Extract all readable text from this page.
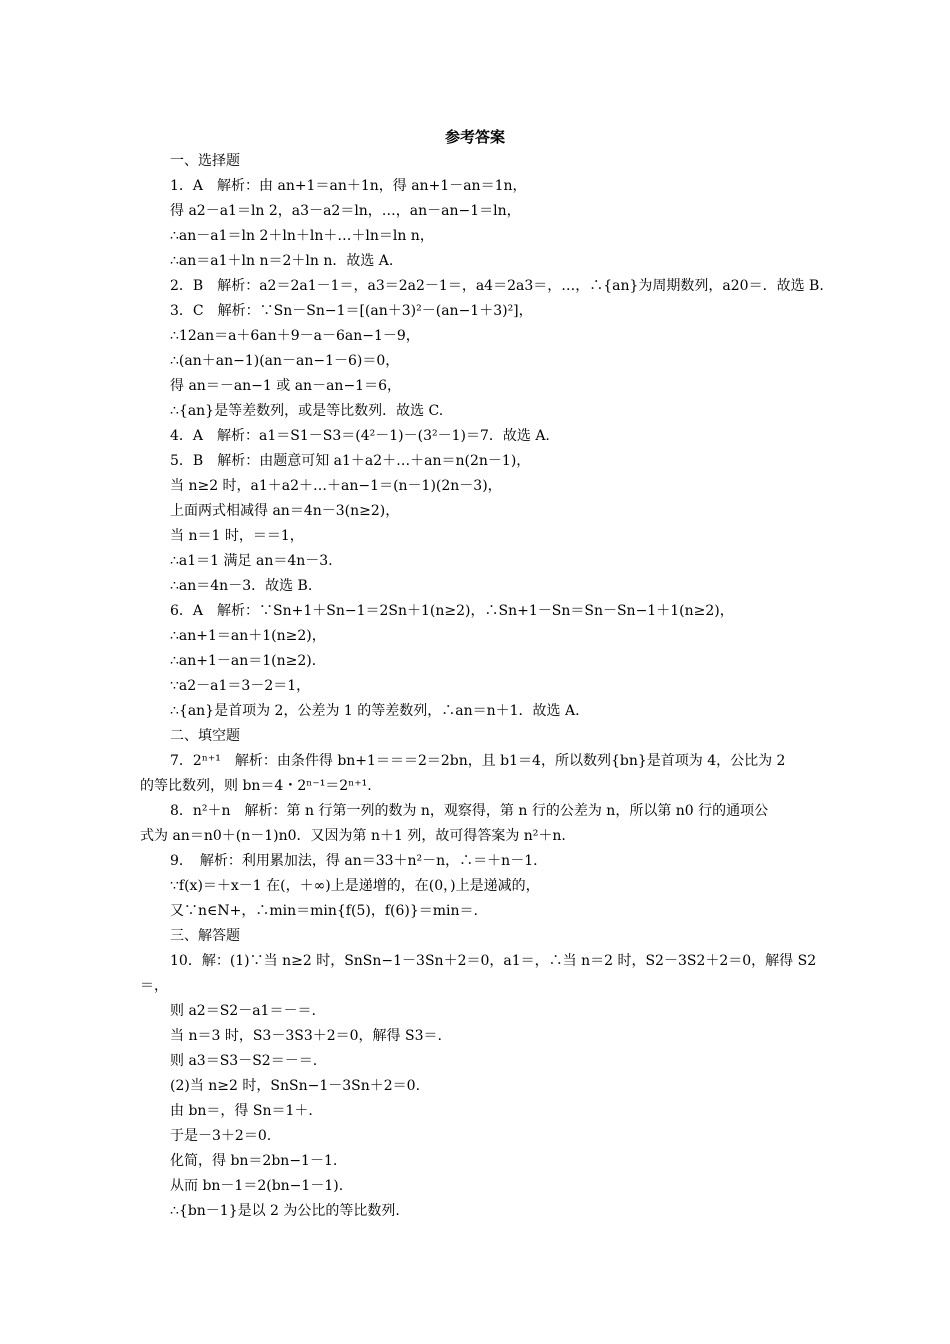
参考答案
一、选择题
1．A　解析：由 an+1＝an＋1n，得 an+1－an＝1n，
得 a2－a1＝ln 2，a3－a2＝ln，…，an－an−1＝ln，
∴an－a1＝ln 2＋ln＋ln＋…＋ln＝ln n，
∴an＝a1＋ln n＝2＋ln n．故选 A.
2．B　解析：a2＝2a1－1＝，a3＝2a2－1＝，a4＝2a3＝，…，∴{an}为周期数列，a20＝．故选 B.
3．C　解析：∵Sn－Sn−1＝[(an＋3)²－(an−1＋3)²]，
∴12an＝a＋6an＋9－a－6an−1－9，
∴(an＋an−1)(an－an−1－6)＝0，
得 an＝－an−1 或 an－an−1＝6，
∴{an}是等差数列，或是等比数列．故选 C.
4．A　解析：a1＝S1－S3＝(4²－1)－(3²－1)＝7．故选 A.
5．B　解析：由题意可知 a1＋a2＋…＋an＝n(2n－1)，
当 n≥2 时，a1＋a2＋…＋an−1＝(n－1)(2n－3)，
上面两式相减得 an＝4n－3(n≥2)，
当 n＝1 时，＝＝1，
∴a1＝1 满足 an＝4n－3.
∴an＝4n－3．故选 B.
6．A　解析：∵Sn+1＋Sn−1＝2Sn＋1(n≥2)，∴Sn+1－Sn＝Sn－Sn−1＋1(n≥2)，
∴an+1＝an＋1(n≥2)，
∴an+1－an＝1(n≥2)．
∵a2－a1＝3－2＝1，
∴{an}是首项为 2，公差为 1 的等差数列，∴an＝n＋1．故选 A.
二、填空题
7．2ⁿ⁺¹　解析：由条件得 bn+1＝＝＝2＝2bn，且 b1＝4，所以数列{bn}是首项为 4，公比为 2
的等比数列，则 bn＝4・2ⁿ⁻¹＝2ⁿ⁺¹.
8．n²＋n　解析：第 n 行第一列的数为 n，观察得，第 n 行的公差为 n，所以第 n0 行的通项公
式为 an＝n0＋(n－1)n0．又因为第 n＋1 列，故可得答案为 n²＋n.
9．　解析：利用累加法，得 an＝33＋n²－n，∴＝＋n－1.
∵f(x)＝＋x－1 在(，＋∞)上是递增的，在(0，)上是递减的，
又∵n∈N+，∴min＝min{f(5)，f(6)}＝min＝.
三、解答题
10．解：(1)∵当 n≥2 时，SnSn−1－3Sn＋2＝0，a1＝，∴当 n＝2 时，S2－3S2＋2＝0，解得 S2
＝，
则 a2＝S2－a1＝－＝.
当 n＝3 时，S3－3S3＋2＝0，解得 S3＝.
则 a3＝S3－S2＝－＝.
(2)当 n≥2 时，SnSn−1－3Sn＋2＝0.
由 bn＝，得 Sn＝1＋.
于是－3＋2＝0.
化简，得 bn＝2bn−1－1.
从而 bn－1＝2(bn−1－1).
∴{bn－1}是以 2 为公比的等比数列.
